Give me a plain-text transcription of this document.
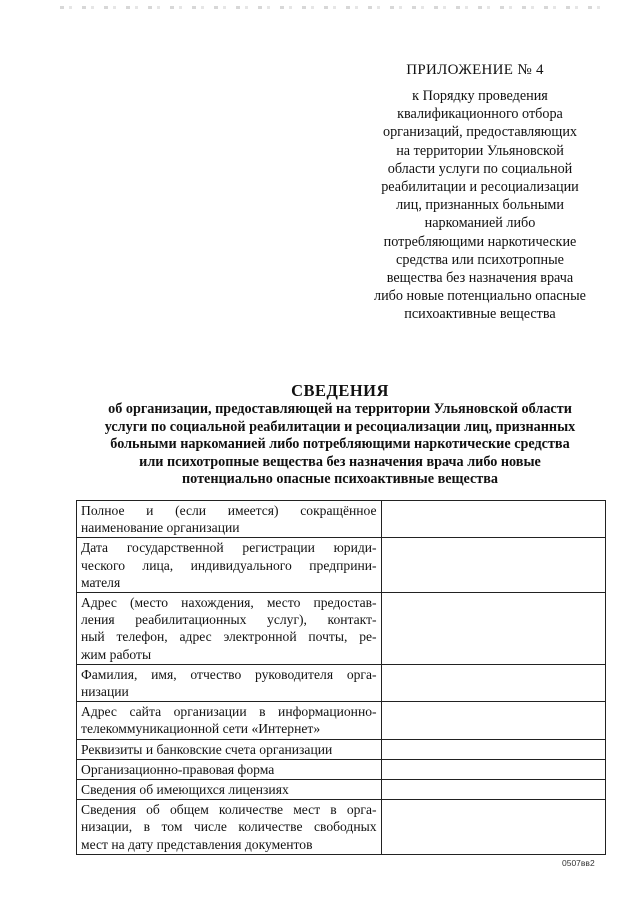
ПРИЛОЖЕНИЕ № 4
к Порядку проведения
квалификационного отбора
организаций, предоставляющих
на территории Ульяновской
области услуги по социальной
реабилитации и ресоциализации
лиц, признанных больными
наркоманией либо
потребляющими наркотические
средства или психотропные
вещества без назначения врача
либо новые потенциально опасные
психоактивные вещества
СВЕДЕНИЯ
об организации, предоставляющей на территории Ульяновской области
услуги по социальной реабилитации и ресоциализации лиц, признанных
больными наркоманией либо потребляющими наркотические средства
или психотропные вещества без назначения врача либо новые
потенциально опасные психоактивные вещества
Полное и (если имеется) сокращённое
наименование организации	

Дата государственной регистрации юриди-
ческого лица, индивидуального предприни-
мателя	

Адрес (место нахождения, место предостав-
ления реабилитационных услуг), контакт-
ный телефон, адрес электронной почты, ре-
жим работы	

Фамилия, имя, отчество руководителя орга-
низации	

Адрес сайта организации в информационно-
телекоммуникационной сети «Интернет»	

Реквизиты и банковские счета организации	

Организационно-правовая форма	

Сведения об имеющихся лицензиях	

Сведения об общем количестве мест в орга-
низации, в том числе количестве свободных
мест на дату представления документов	

0507вв2
